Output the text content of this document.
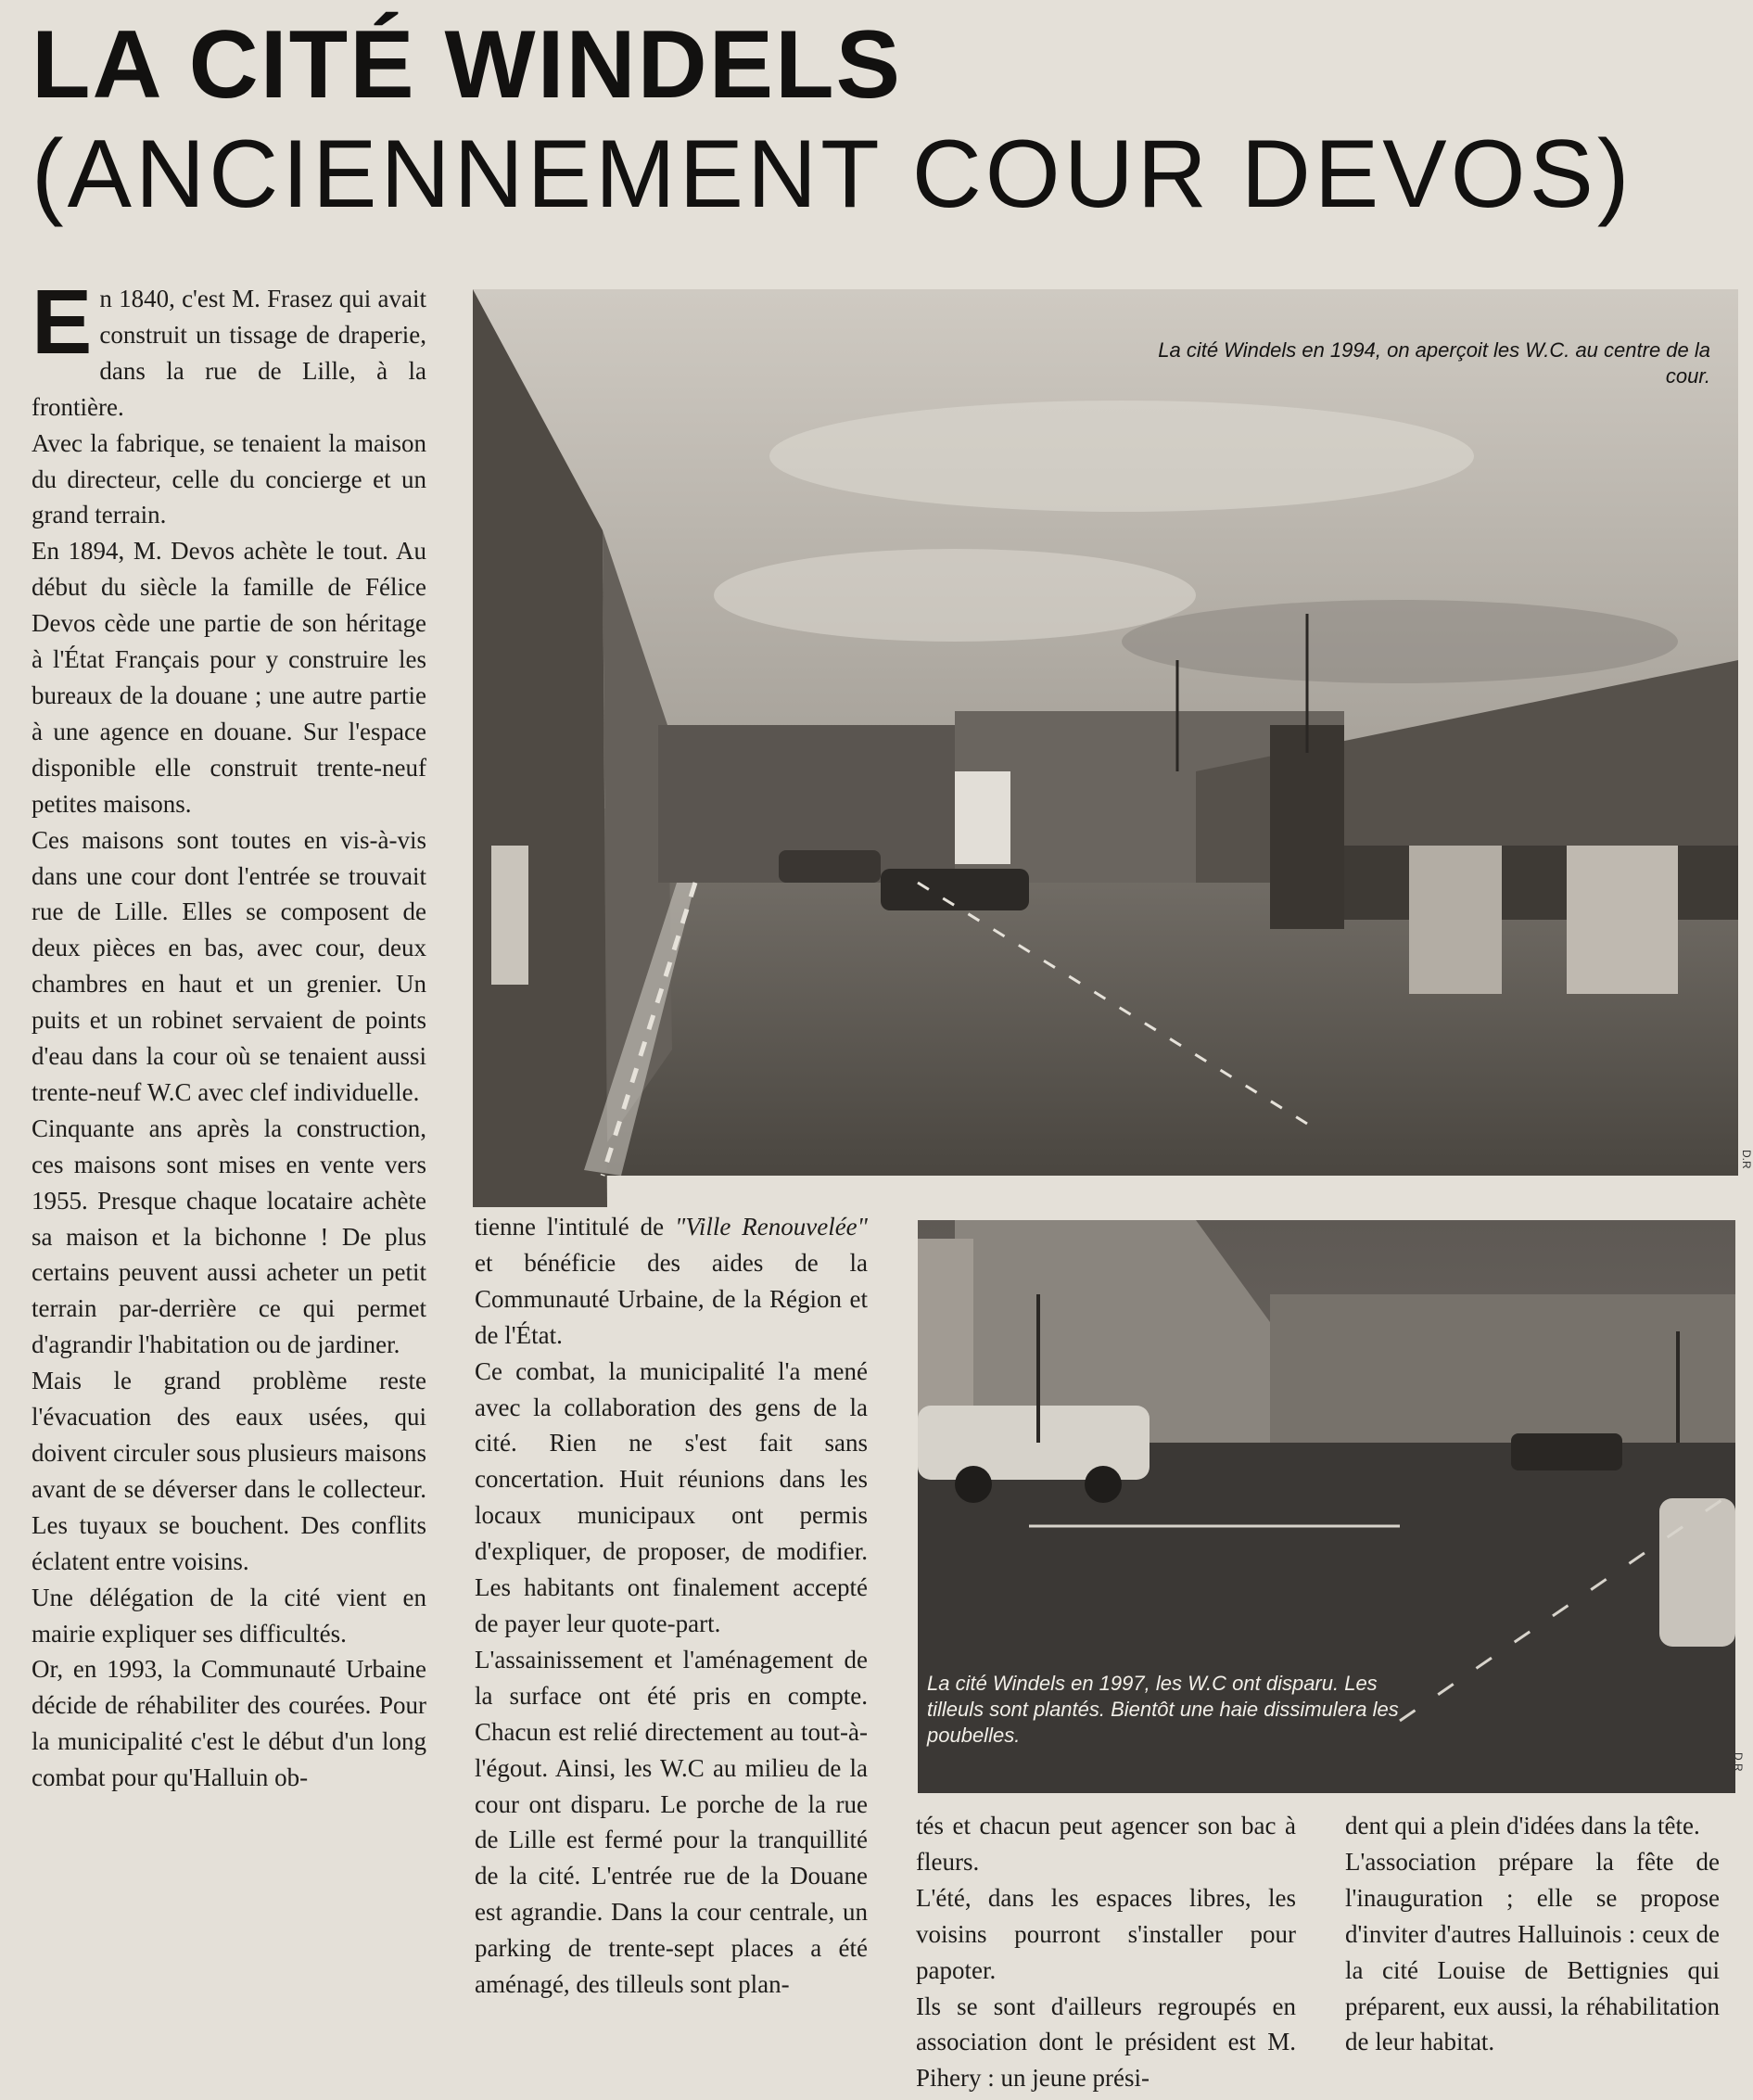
LA CITÉ WINDELS
(ANCIENNEMENT COUR DEVOS)

En 1840, c'est M. Frasez qui avait construit un tissage de draperie, dans la rue de Lille, à la frontière.

Avec la fabrique, se tenaient la maison du directeur, celle du concierge et un grand terrain.

En 1894, M. Devos achète le tout. Au début du siècle la famille de Félice Devos cède une partie de son héritage à l'État Français pour y construire les bureaux de la douane ; une autre partie à une agence en douane. Sur l'espace disponible elle construit trente-neuf petites maisons.

Ces maisons sont toutes en vis-à-vis dans une cour dont l'entrée se trouvait rue de Lille. Elles se composent de deux pièces en bas, avec cour, deux chambres en haut et un grenier. Un puits et un robinet servaient de points d'eau dans la cour où se tenaient aussi trente-neuf W.C avec clef individuelle.

Cinquante ans après la construction, ces maisons sont mises en vente vers 1955. Presque chaque locataire achète sa maison et la bichonne ! De plus certains peuvent aussi acheter un petit terrain par-derrière ce qui permet d'agrandir l'habitation ou de jardiner.

Mais le grand problème reste l'évacuation des eaux usées, qui doivent circuler sous plusieurs maisons avant de se déverser dans le collecteur. Les tuyaux se bouchent. Des conflits éclatent entre voisins.

Une délégation de la cité vient en mairie expliquer ses difficultés.

Or, en 1993, la Communauté Urbaine décide de réhabiliter des courées. Pour la municipalité c'est le début d'un long combat pour qu'Halluin ob-

La cité Windels en 1994, on aperçoit les W.C. au centre de la cour.
D.R

tienne l'intitulé de "Ville Renouvelée" et bénéficie des aides de la Communauté Urbaine, de la Région et de l'État.

Ce combat, la municipalité l'a mené avec la collaboration des gens de la cité. Rien ne s'est fait sans concertation. Huit réunions dans les locaux municipaux ont permis d'expliquer, de proposer, de modifier. Les habitants ont finalement accepté de payer leur quote-part.

L'assainissement et l'aménagement de la surface ont été pris en compte. Chacun est relié directement au tout-à-l'égout. Ainsi, les W.C au milieu de la cour ont disparu. Le porche de la rue de Lille est fermé pour la tranquillité de la cité. L'entrée rue de la Douane est agrandie. Dans la cour centrale, un parking de trente-sept places a été aménagé, des tilleuls sont plan-

La cité Windels en 1997, les W.C ont disparu. Les tilleuls sont plantés. Bientôt une haie dissimulera les poubelles.
D.R

tés et chacun peut agencer son bac à fleurs.

L'été, dans les espaces libres, les voisins pourront s'installer pour papoter.

Ils se sont d'ailleurs regroupés en association dont le président est M. Pihery : un jeune prési-

dent qui a plein d'idées dans la tête.

L'association prépare la fête de l'inauguration ; elle se propose d'inviter d'autres Halluinois : ceux de la cité Louise de Bettignies qui préparent, eux aussi, la réhabilitation de leur habitat.
